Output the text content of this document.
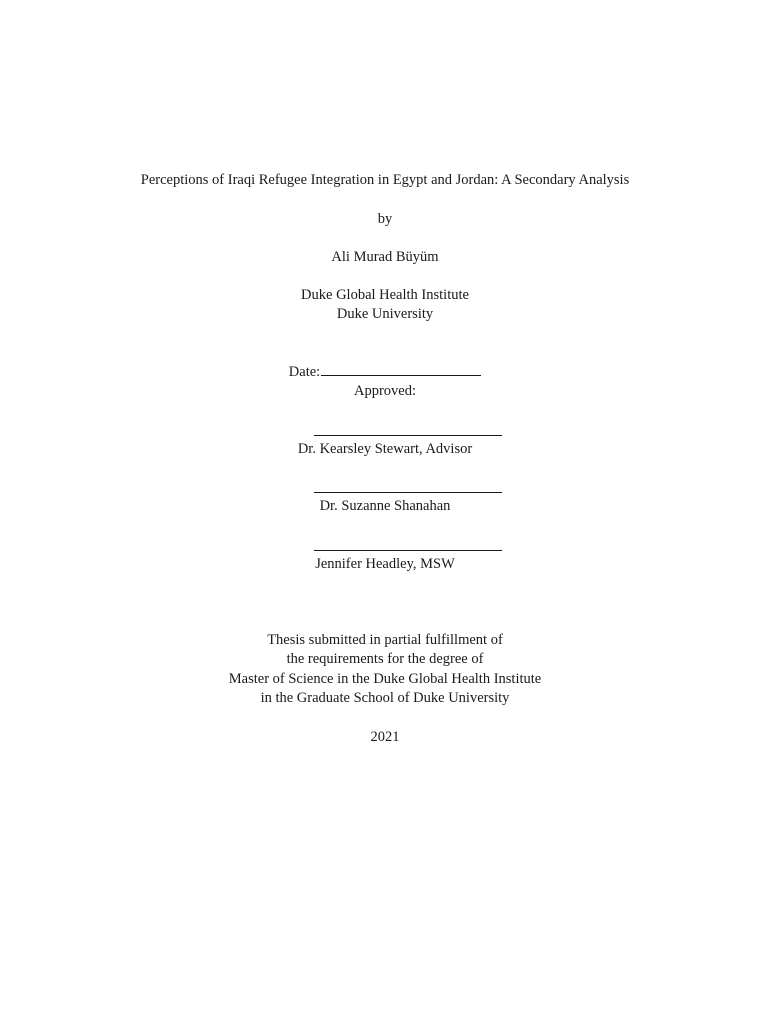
Perceptions of Iraqi Refugee Integration in Egypt and Jordan: A Secondary Analysis
by
Ali Murad Büyüm
Duke Global Health Institute
Duke University
Date:
Approved:
Dr. Kearsley Stewart, Advisor
Dr. Suzanne Shanahan
Jennifer Headley, MSW
Thesis submitted in partial fulfillment of
the requirements for the degree of
Master of Science in the Duke Global Health Institute
in the Graduate School of Duke University
2021
